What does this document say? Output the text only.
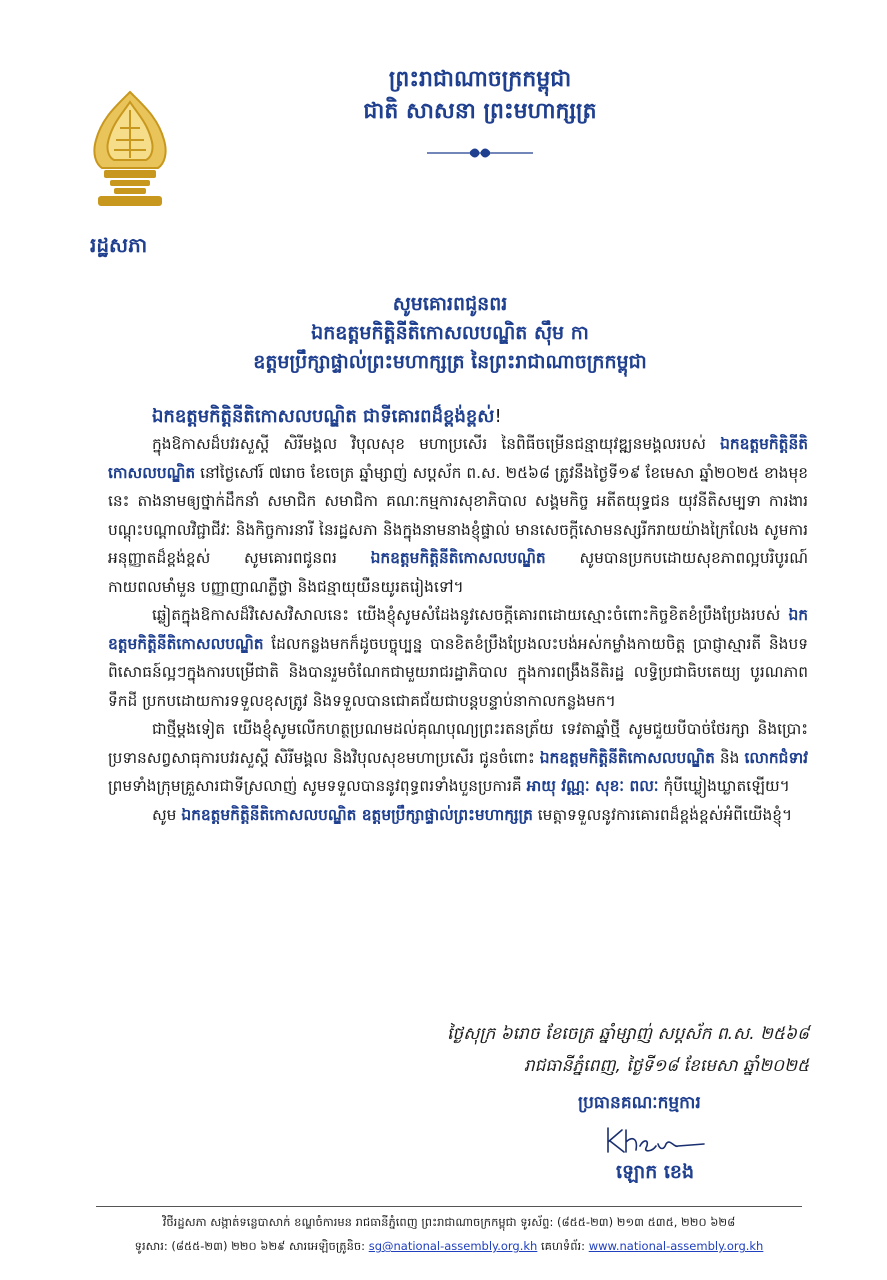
រដ្ឋសភា
ព្រះរាជាណាចក្រកម្ពុជា
ជាតិ សាសនា ព្រះមហាក្សត្រ
សូមគោរពជូនពរ
ឯកឧត្តមកិត្តិនីតិកោសលបណ្ឌិត ស៊ឹម កា
ឧត្តមប្រឹក្សាផ្ទាល់ព្រះមហាក្សត្រ នៃព្រះរាជាណាចក្រកម្ពុជា
ឯកឧត្តមកិត្តិនីតិកោសលបណ្ឌិត ជាទីគោរពដ៏ខ្ពង់ខ្ពស់!

ក្នុងឱកាសដ៏បវរសួស្តី សិរីមង្គល វិបុលសុខ មហាប្រសើរ នៃពិធីចម្រើនជន្មាយុវឌ្ឍនមង្គលរបស់ ឯកឧត្តមកិត្តិនីតិកោសលបណ្ឌិត នៅថ្ងៃសៅរ៍ ៧រោច ខែចេត្រ ឆ្នាំម្សាញ់ សប្តស័ក ព.ស. ២៥៦៨ ត្រូវនឹងថ្ងៃទី១៩ ខែមេសា ឆ្នាំ២០២៥ ខាងមុខនេះ តាងនាមឲ្យថ្នាក់ដឹកនាំ សមាជិក សមាជិកា គណៈកម្មការសុខាភិបាល សង្គមកិច្ច អតីតយុទ្ធជន យុវនីតិសម្បទា ការងារ បណ្តុះបណ្តាលវិជ្ជាជីវៈ និងកិច្ចការនារី នៃរដ្ឋសភា និងក្នុងនាមនាងខ្ញុំផ្ទាល់ មានសេចក្តីសោមនស្សរីករាយយ៉ាងក្រៃលែង សូមការអនុញ្ញាតដ៏ខ្ពង់ខ្ពស់ សូមគោរពជូនពរ ឯកឧត្តមកិត្តិនីតិកោសលបណ្ឌិត សូមបានប្រកបដោយសុខភាពល្អបរិបូរណ៍ កាយពលមាំមួន បញ្ញាញាណភ្លឺថ្លា និងជន្មាយុយឺនយូរតរៀងទៅ។

ឆ្លៀតក្នុងឱកាសដ៏វិសេសវិសាលនេះ យើងខ្ញុំសូមសំដែងនូវសេចក្តីគោរពដោយស្មោះចំពោះកិច្ចខិតខំប្រឹងប្រែងរបស់ ឯកឧត្តមកិត្តិនីតិកោសលបណ្ឌិត ដែលកន្លងមកក៏ដូចបច្ចុប្បន្ន បានខិតខំប្រឹងប្រែងលះបង់អស់កម្លាំងកាយចិត្ត ប្រាជ្ញាស្មារតី និងបទពិសោធន៍ល្អៗក្នុងការបម្រើជាតិ និងបានរួមចំណែកជាមួយរាជរដ្ឋាភិបាល ក្នុងការពង្រឹងនីតិរដ្ឋ លទ្ធិប្រជាធិបតេយ្យ បូរណភាពទឹកដី ប្រកបដោយការទទួលខុសត្រូវ និងទទួលបានជោគជ័យជាបន្តបន្ទាប់នាកាលកន្លងមក។

ជាថ្មីម្តងទៀត យើងខ្ញុំសូមលើកហត្ថប្រណមដល់គុណបុណ្យព្រះរតនត្រ័យ ទេវតាឆ្នាំថ្មី សូមជួយបីបាច់ថែរក្សា និងប្រោះប្រទានសព្វសាធុការបវរសួស្តី សិរីមង្គល និងវិបុលសុខមហាប្រសើរ ជូនចំពោះ ឯកឧត្តមកិត្តិនីតិកោសលបណ្ឌិត និង លោកជំទាវ ព្រមទាំងក្រុមគ្រួសារជាទីស្រលាញ់ សូមទទួលបាននូវពុទ្ធពរទាំងបួនប្រការគឺ អាយុ វណ្ណៈ សុខៈ ពលៈ កុំបីឃ្លៀងឃ្លាតឡើយ។

សូម ឯកឧត្តមកិត្តិនីតិកោសលបណ្ឌិត ឧត្តមប្រឹក្សាផ្ទាល់ព្រះមហាក្សត្រ មេត្តាទទួលនូវការគោរពដ៏ខ្ពង់ខ្ពស់អំពីយើងខ្ញុំ។

ថ្ងៃសុក្រ ៦រោច ខែចេត្រ ឆ្នាំម្សាញ់ សប្តស័ក ព.ស. ២៥៦៨
រាជធានីភ្នំពេញ, ថ្ងៃទី១៨ ខែមេសា ឆ្នាំ២០២៥
ប្រធានគណៈកម្មការ
ឡោក ខេង
វិថីរដ្ឋសភា សង្កាត់ទន្លេបាសាក់ ខណ្ឌចំការមន រាជធានីភ្នំពេញ ព្រះរាជាណាចក្រកម្ពុជា ទូរស័ព្ទ: (៨៥៥-២៣) ២១៣ ៥៣៥, ២២០ ៦២៨
ទូរសារ: (៨៥៥-២៣) ២២០ ៦២៩ សារអេឡិចត្រូនិច: sg@national-assembly.org.kh គេហទំព័រ: www.national-assembly.org.kh
